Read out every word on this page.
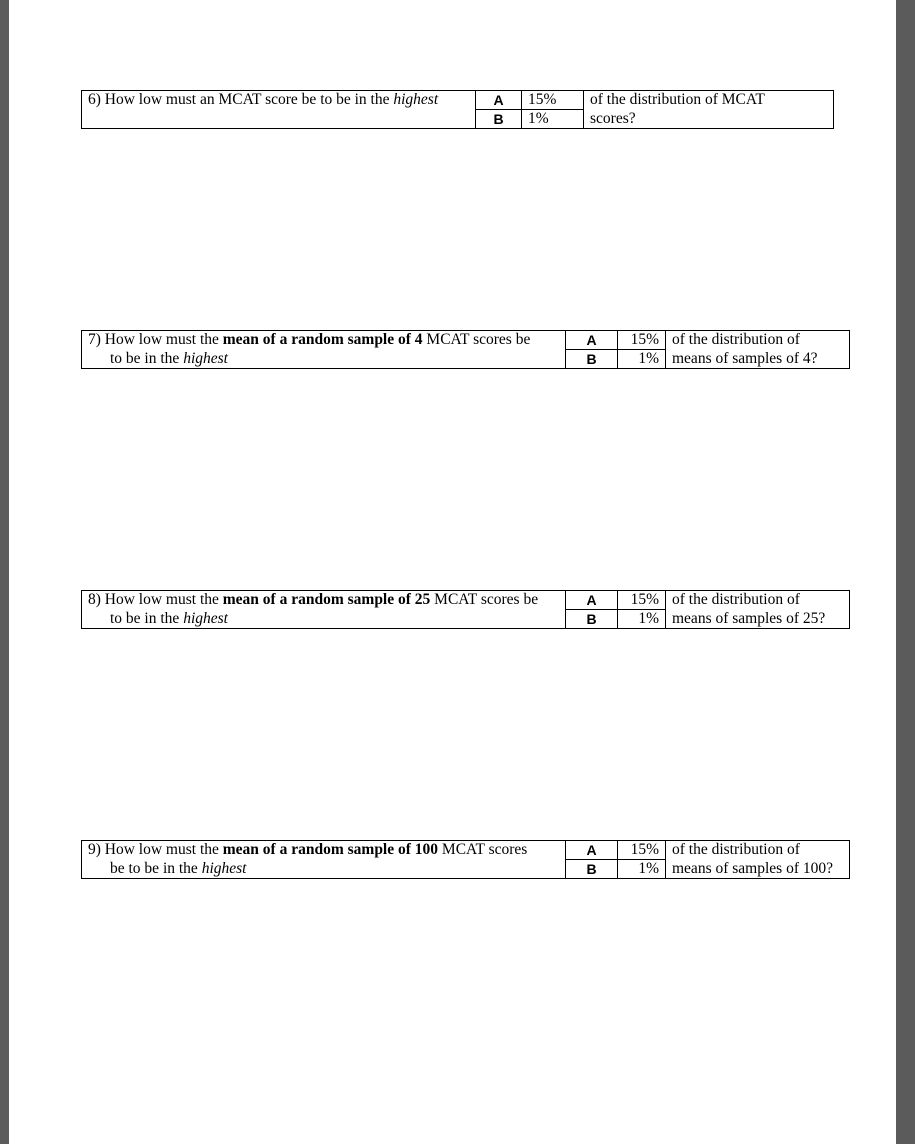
6) How low must an MCAT score be to be in the highest	A	15%	of the distribution of MCAT
	B	1%	scores?
7) How low must the mean of a random sample of 4 MCAT scores be	A	15%	of the distribution of
to be in the highest	B	1%	means of samples of 4?
8) How low must the mean of a random sample of 25 MCAT scores be	A	15%	of the distribution of
to be in the highest	B	1%	means of samples of 25?
9) How low must the mean of a random sample of 100 MCAT scores	A	15%	of the distribution of
be to be in the highest	B	1%	means of samples of 100?
